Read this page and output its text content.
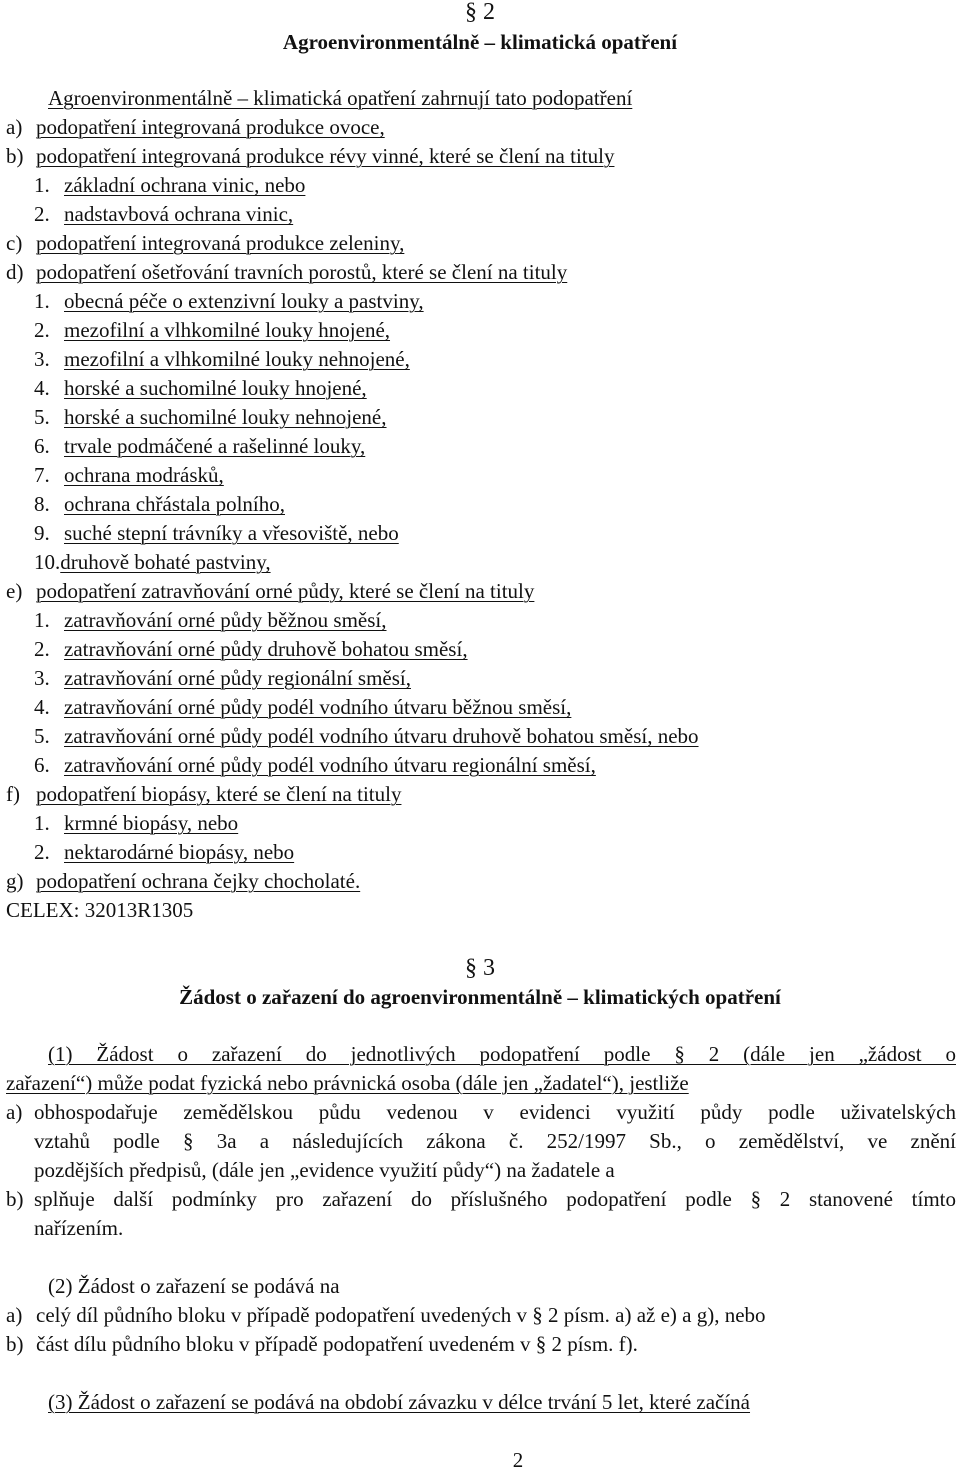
§ 2
Agroenvironmentálně – klimatická opatření
Agroenvironmentálně – klimatická opatření zahrnují tato podopatření
a) podopatření integrovaná produkce ovoce,
b) podopatření integrovaná produkce révy vinné, které se člení na tituly
1. základní ochrana vinic, nebo
2. nadstavbová ochrana vinic,
c) podopatření integrovaná produkce zeleniny,
d) podopatření ošetřování travních porostů, které se člení na tituly
1. obecná péče o extenzivní louky a pastviny,
2. mezofilní a vlhkomilné louky hnojené,
3. mezofilní a vlhkomilné louky nehnojené,
4. horské a suchomilné louky hnojené,
5. horské a suchomilné louky nehnojené,
6. trvale podmáčené a rašelinné louky,
7. ochrana modrásků,
8. ochrana chřástala polního,
9. suché stepní trávníky a vřesoviště, nebo
10.druhově bohaté pastviny,
e) podopatření zatravňování orné půdy, které se člení na tituly
1. zatravňování orné půdy běžnou směsí,
2. zatravňování orné půdy druhově bohatou směsí,
3. zatravňování orné půdy regionální směsí,
4. zatravňování orné půdy podél vodního útvaru běžnou směsí,
5. zatravňování orné půdy podél vodního útvaru druhově bohatou směsí, nebo
6. zatravňování orné půdy podél vodního útvaru regionální směsí,
f) podopatření biopásy, které se člení na tituly
1. krmné biopásy, nebo
2. nektarodárné biopásy, nebo
g) podopatření ochrana čejky chocholaté.
CELEX: 32013R1305
§ 3
Žádost o zařazení do agroenvironmentálně – klimatických opatření
(1) Žádost o zařazení do jednotlivých podopatření podle § 2 (dále jen „žádost o
zařazení“) může podat fyzická nebo právnická osoba (dále jen „žadatel“), jestliže
a) obhospodařuje zemědělskou půdu vedenou v evidenci využití půdy podle uživatelských
vztahů podle § 3a a následujících zákona č. 252/1997 Sb., o zemědělství, ve znění
pozdějších předpisů, (dále jen „evidence využití půdy“) na žadatele a
b) splňuje další podmínky pro zařazení do příslušného podopatření podle § 2 stanovené tímto
nařízením.
(2) Žádost o zařazení se podává na
a) celý díl půdního bloku v případě podopatření uvedených v § 2 písm. a) až e) a g), nebo
b) část dílu půdního bloku v případě podopatření uvedeném v § 2 písm. f).
(3) Žádost o zařazení se podává na období závazku v délce trvání 5 let, které začíná
2
